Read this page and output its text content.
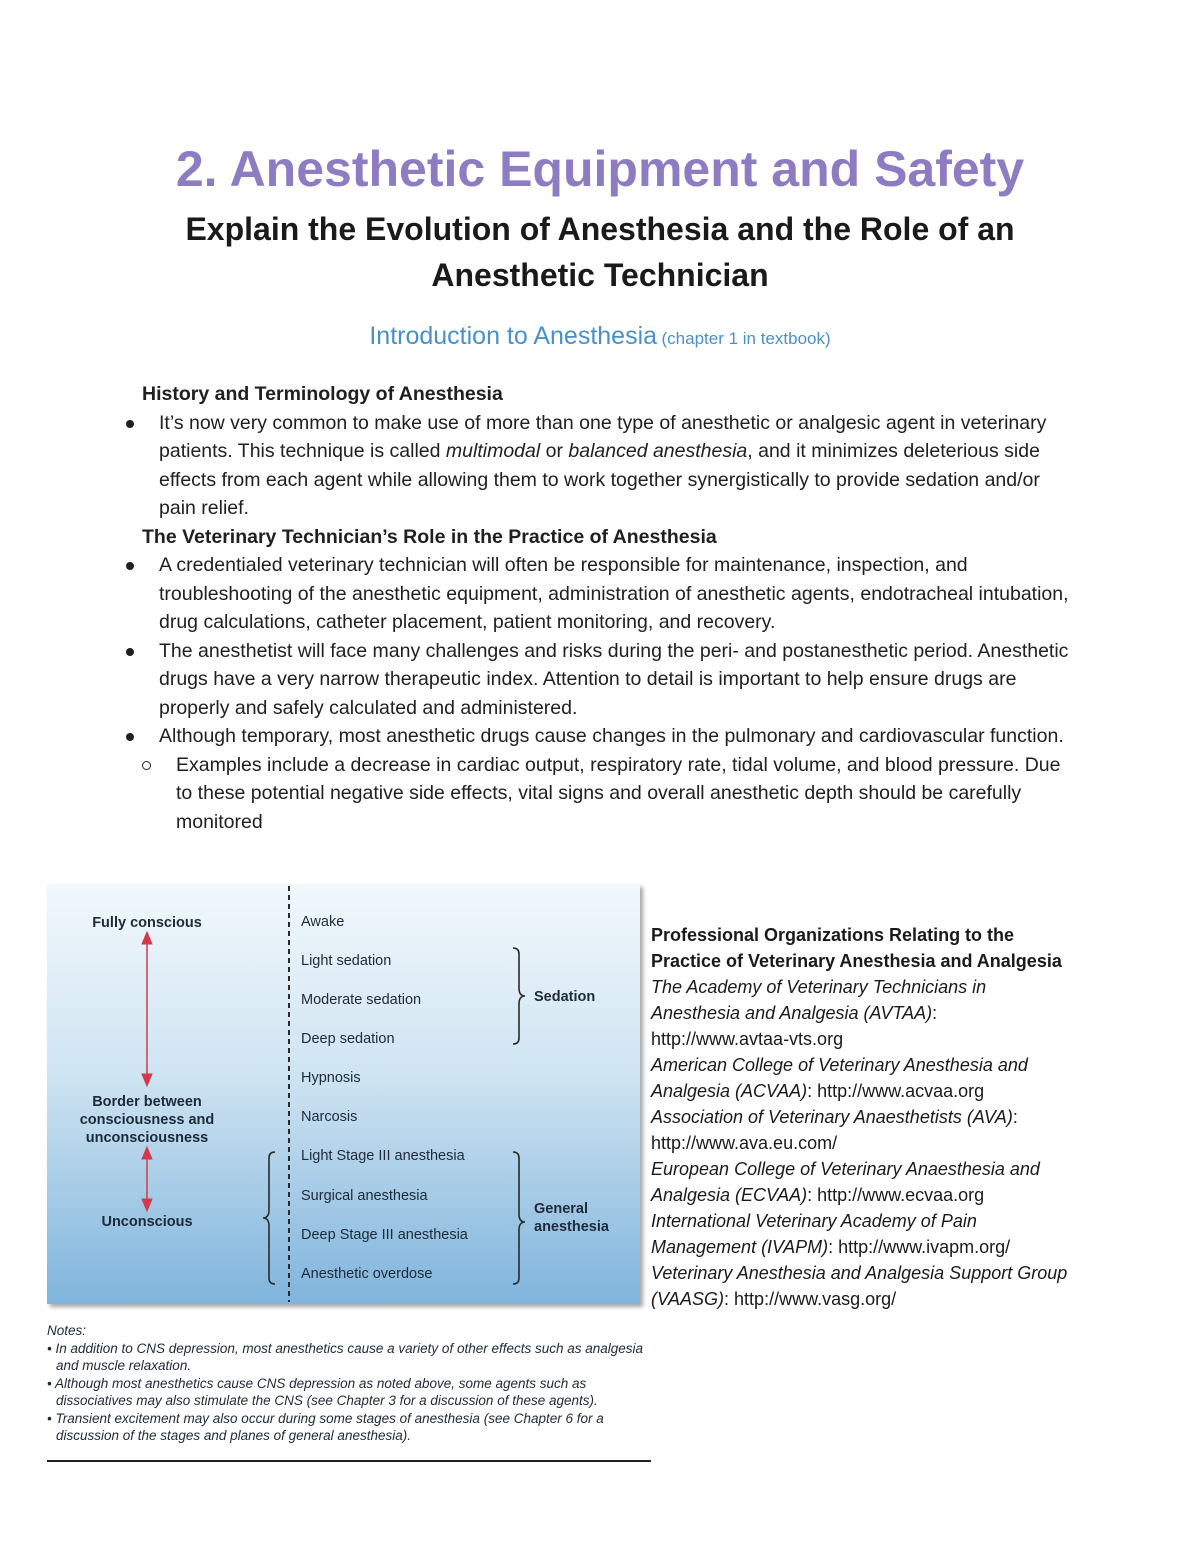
2. Anesthetic Equipment and Safety
Explain the Evolution of Anesthesia and the Role of an Anesthetic Technician

Introduction to Anesthesia (chapter 1 in textbook)

History and Terminology of Anesthesia
It’s now very common to make use of more than one type of anesthetic or analgesic agent in veterinary patients. This technique is called multimodal or balanced anesthesia, and it minimizes deleterious side effects from each agent while allowing them to work together synergistically to provide sedation and/or pain relief.
The Veterinary Technician’s Role in the Practice of Anesthesia
A credentialed veterinary technician will often be responsible for maintenance, inspection, and troubleshooting of the anesthetic equipment, administration of anesthetic agents, endotracheal intubation, drug calculations, catheter placement, patient monitoring, and recovery.
The anesthetist will face many challenges and risks during the peri- and postanesthetic period. Anesthetic drugs have a very narrow therapeutic index. Attention to detail is important to help ensure drugs are properly and safely calculated and administered.
Although temporary, most anesthetic drugs cause changes in the pulmonary and cardiovascular function.
Examples include a decrease in cardiac output, respiratory rate, tidal volume, and blood pressure. Due to these potential negative side effects, vital signs and overall anesthetic depth should be carefully monitored
Fully conscious
Border between consciousness and unconsciousness
Unconscious
Awake
Light sedation
Moderate sedation
Deep sedation
Hypnosis
Narcosis
Light Stage III anesthesia
Surgical anesthesia
Deep Stage III anesthesia
Anesthetic overdose
Sedation
General anesthesia

Notes:

• In addition to CNS depression, most anesthetics cause a variety of other effects such as analgesia and muscle relaxation.
• Although most anesthetics cause CNS depression as noted above, some agents such as dissociatives may also stimulate the CNS (see Chapter 3 for a discussion of these agents).
• Transient excitement may also occur during some stages of anesthesia (see Chapter 6 for a discussion of the stages and planes of general anesthesia).

Professional Organizations Relating to the Practice of Veterinary Anesthesia and Analgesia

The Academy of Veterinary Technicians in Anesthesia and Analgesia (AVTAA): http://www.avtaa-vts.org

American College of Veterinary Anesthesia and Analgesia (ACVAA): http://www.acvaa.org

Association of Veterinary Anaesthetists (AVA): http://www.ava.eu.com/

European College of Veterinary Anaesthesia and Analgesia (ECVAA): http://www.ecvaa.org

International Veterinary Academy of Pain Management (IVAPM): http://www.ivapm.org/

Veterinary Anesthesia and Analgesia Support Group (VAASG): http://www.vasg.org/
